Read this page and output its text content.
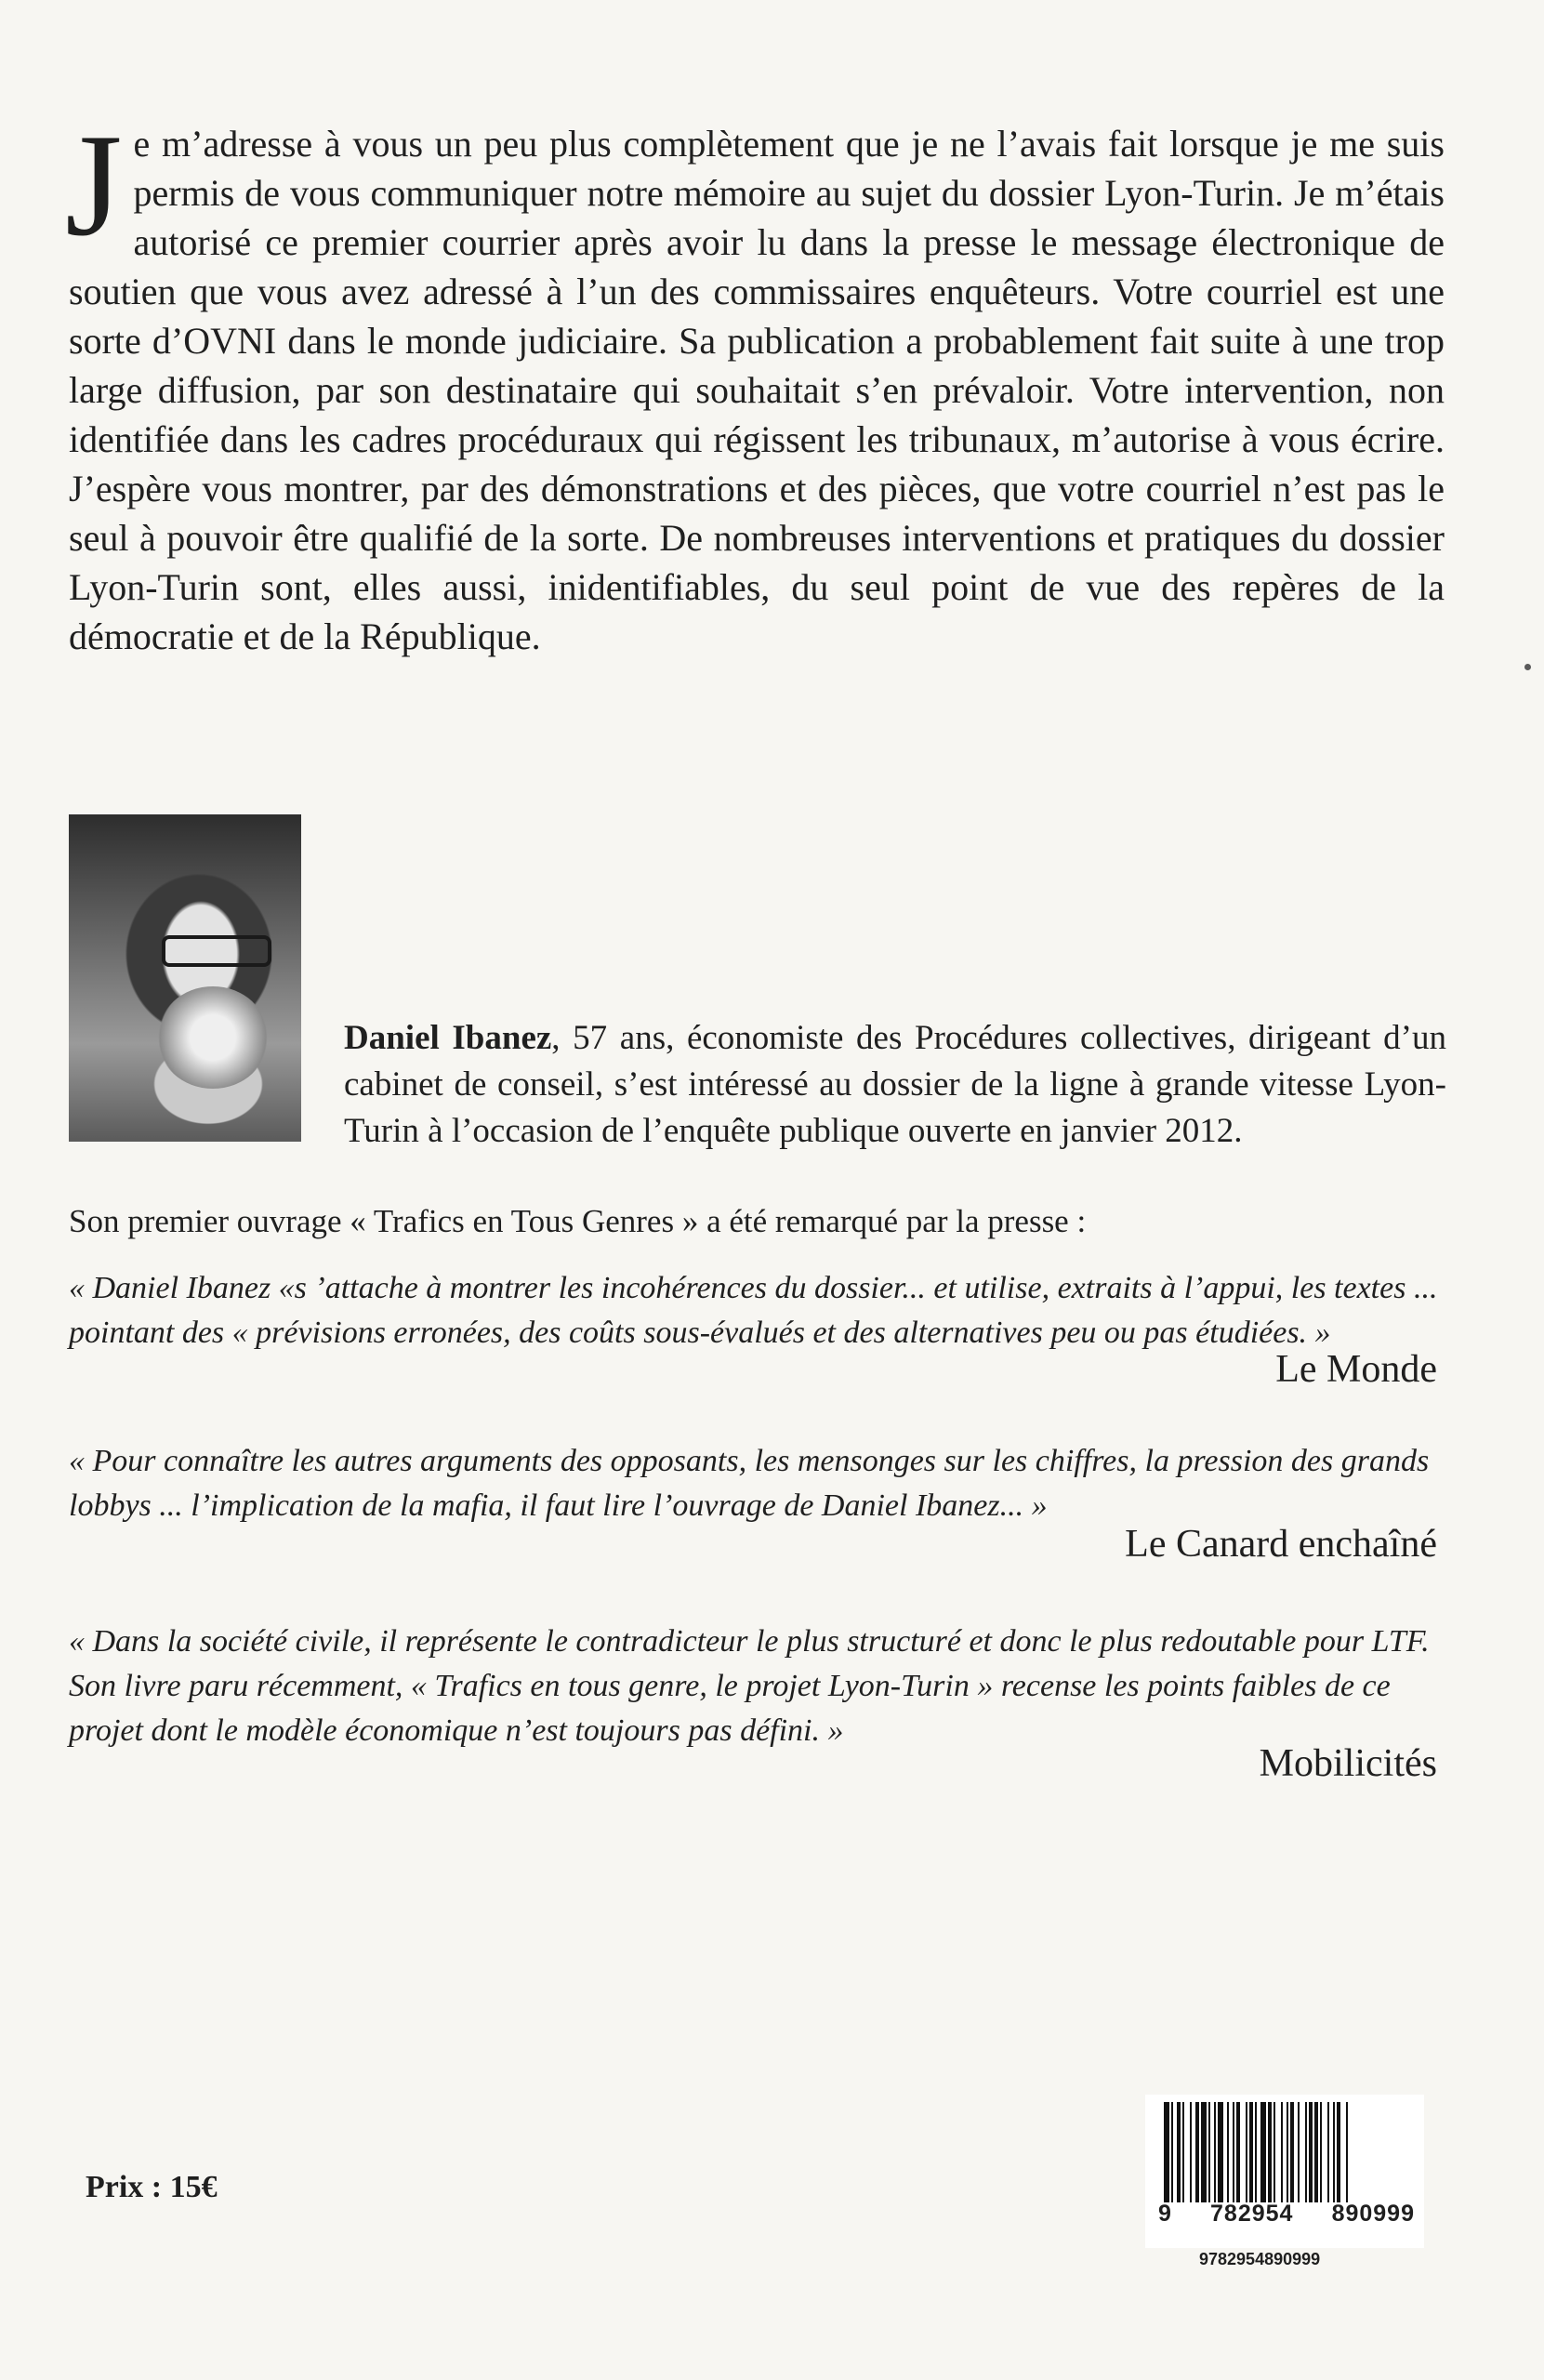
Je m’adresse à vous un peu plus complètement que je ne l’avais fait lorsque je me suis permis de vous communiquer notre mémoire au sujet du dossier Lyon-Turin. Je m’étais autorisé ce premier courrier après avoir lu dans la presse le message électronique de soutien que vous avez adressé à l’un des commissaires enquêteurs. Votre courriel est une sorte d’OVNI dans le monde judiciaire. Sa publication a probablement fait suite à une trop large diffusion, par son destinataire qui souhaitait s’en prévaloir. Votre intervention, non identifiée dans les cadres procéduraux qui régissent les tribunaux, m’autorise à vous écrire. J’espère vous montrer, par des démonstrations et des pièces, que votre courriel n’est pas le seul à pouvoir être qualifié de la sorte. De nombreuses interventions et pratiques du dossier Lyon-Turin sont, elles aussi, inidentifiables, du seul point de vue des repères de la démocratie et de la République.
Daniel Ibanez, 57 ans, économiste des Procédures collectives, dirigeant d’un cabinet de conseil, s’est intéressé au dossier de la ligne à grande vitesse Lyon-Turin à l’occasion de l’enquête publique ouverte en janvier 2012.
Son premier ouvrage « Trafics en Tous Genres » a été remarqué par la presse :
« Daniel Ibanez «s ’attache à montrer les incohérences du dossier... et utilise, extraits à l’appui, les textes ... pointant des « prévisions erronées, des coûts sous-évalués et des alternatives peu ou pas étudiées. »
Le Monde
« Pour connaître les autres arguments des opposants, les mensonges sur les chiffres, la pression des grands lobbys ... l’implication de la mafia, il faut lire l’ouvrage de Daniel Ibanez... »
Le Canard enchaîné
« Dans la société civile, il représente le contradicteur le plus structuré et donc le plus redoutable pour LTF. Son livre paru récemment, « Trafics en tous genre, le projet Lyon-Turin » recense les points faibles de ce projet dont le modèle économique n’est toujours pas défini. »
Mobilicités
Prix : 15€
9 782954 890999
9782954890999
